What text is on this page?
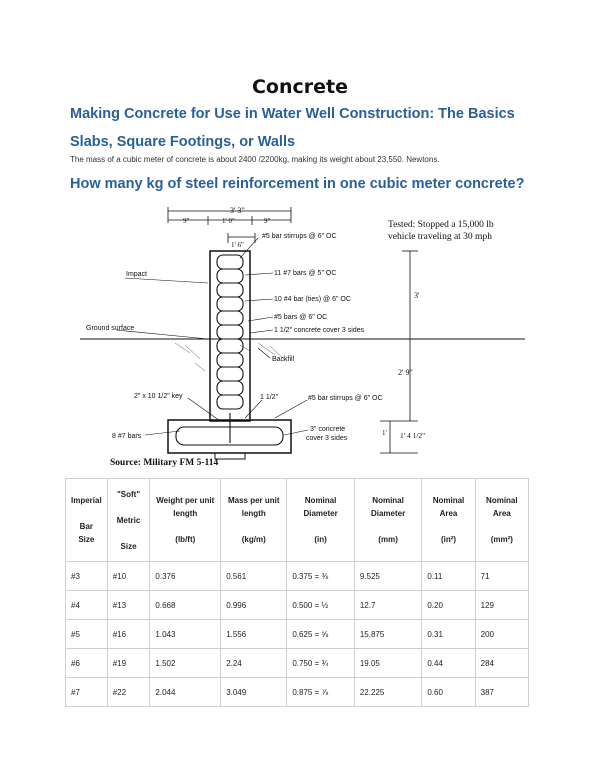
Concrete
Making Concrete for Use in Water Well Construction: The Basics
Slabs, Square Footings, or Walls
The mass of a cubic meter of concrete is about 2400 /2200kg, making its weight about 23,550. Newtons.
How many kg of steel reinforcement in one cubic meter concrete?
3' 3"
9"	1' 0"	9"
1' 6"
Tested: Stopped a 15,000 lb
vehicle traveling at 30 mph
3'
2' 9"
1' 1' 4 1/2"
#5 bar stirrups @ 6" OC
Impact	11 #7 bars @ 5" OC
10 #4 bar (ties) @ 6" OC
#5 bars @ 6" OC
1 1/2" concrete cover 3 sides
Ground surface
Backfill
2" x 10 1/2" key	1 1/2"	#5 bar stirrups @ 6" OC
8 #7 bars
3" concrete
cover 3 sides
Source: Military FM 5-114
Imperial

Bar
Size	"Soft"

Metric

Size	Weight per unit
length

(lb/ft)	Mass per unit
length

(kg/m)	Nominal
Diameter

(in)	Nominal
Diameter

(mm)	Nominal
Area

(in²)	Nominal
Area

(mm²)

#3	#10	0.376	0.561	0.375 = ⅜	9.525	0.11	71
#4	#13	0.668	0.996	0.500 = ½	12.7	0.20	129
#5	#16	1.043	1.556	0.625 = ⅝	15.875	0.31	200
#6	#19	1.502	2.24	0.750 = ¾	19.05	0.44	284
#7	#22	2.044	3.049	0.875 = ⅞	22.225	0.60	387
